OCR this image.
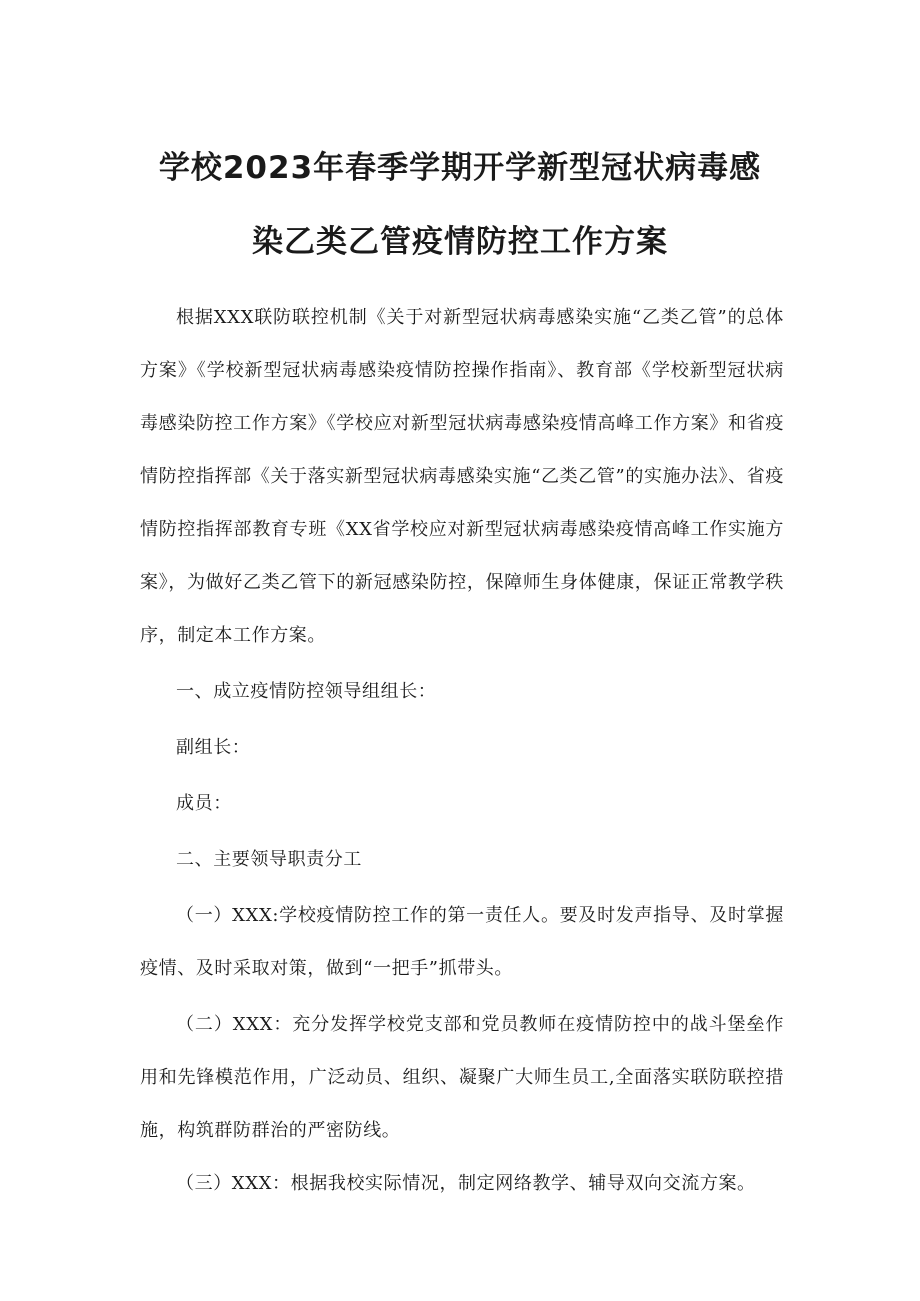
学校2023年春季学期开学新型冠状病毒感
染乙类乙管疫情防控工作方案

根据XXX联防联控机制《关于对新型冠状病毒感染实施“乙类乙管”的总体方案》《学校新型冠状病毒感染疫情防控操作指南》、教育部《学校新型冠状病毒感染防控工作方案》《学校应对新型冠状病毒感染疫情高峰工作方案》和省疫情防控指挥部《关于落实新型冠状病毒感染实施“乙类乙管”的实施办法》、省疫情防控指挥部教育专班《XX省学校应对新型冠状病毒感染疫情高峰工作实施方案》，为做好乙类乙管下的新冠感染防控，保障师生身体健康，保证正常教学秩序，制定本工作方案。

一、成立疫情防控领导组组长：

副组长：

成员：

二、主要领导职责分工

（一）XXX:学校疫情防控工作的第一责任人。要及时发声指导、及时掌握疫情、及时采取对策，做到“一把手”抓带头。

（二）XXX：充分发挥学校党支部和党员教师在疫情防控中的战斗堡垒作用和先锋模范作用，广泛动员、组织、凝聚广大师生员工,全面落实联防联控措施，构筑群防群治的严密防线。

（三）XXX：根据我校实际情况，制定网络教学、辅导双向交流方案。
